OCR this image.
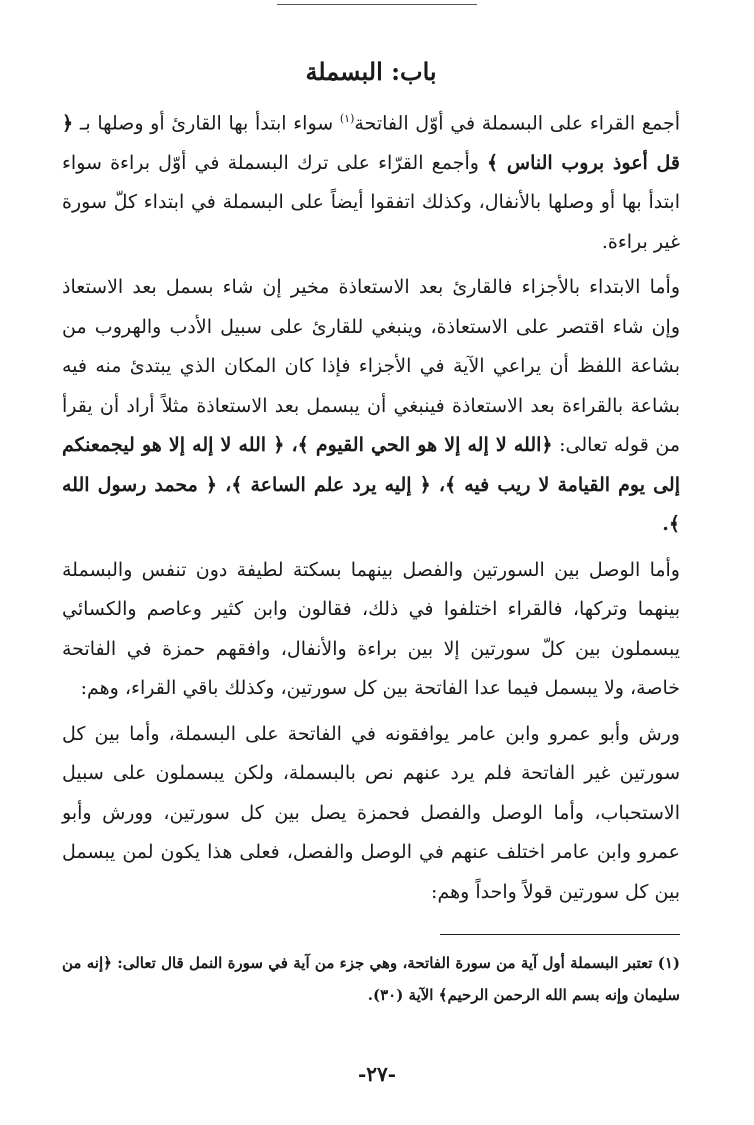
باب: البسملة

أجمع القراء على البسملة في أوّل الفاتحة$^{(١)}$ سواء ابتدأ بها القارئ أو وصلها بـ ﴿ قل أعوذ بروب الناس ﴾ وأجمع القرّاء على ترك البسملة في أوّل براءة سواء ابتدأ بها أو وصلها بالأنفال، وكذلك اتفقوا أيضاً على البسملة في ابتداء كلّ سورة غير براءة.

وأما الابتداء بالأجزاء فالقارئ بعد الاستعاذة مخير إن شاء بسمل بعد الاستعاذ وإن شاء اقتصر على الاستعاذة، وينبغي للقارئ على سبيل الأدب والهروب من بشاعة اللفظ أن يراعي الآية في الأجزاء فإذا كان المكان الذي يبتدئ منه فيه بشاعة بالقراءة بعد الاستعاذة فينبغي أن يبسمل بعد الاستعاذة مثلاً أراد أن يقرأ من قوله تعالى: ﴿الله لا إله إلا هو الحي القيوم ﴾، ﴿ الله لا إله إلا هو ليجمعنكم إلى يوم القيامة لا ريب فيه ﴾، ﴿ إليه يرد علم الساعة ﴾، ﴿ محمد رسول الله ﴾.

وأما الوصل بين السورتين والفصل بينهما بسكتة لطيفة دون تنفس والبسملة بينهما وتركها، فالقراء اختلفوا في ذلك، فقالون وابن كثير وعاصم والكسائي يبسملون بين كلّ سورتين إلا بين براءة والأنفال، وافقهم حمزة في الفاتحة خاصة، ولا يبسمل فيما عدا الفاتحة بين كل سورتين، وكذلك باقي القراء، وهم:

ورش وأبو عمرو وابن عامر يوافقونه في الفاتحة على البسملة، وأما بين كل سورتين غير الفاتحة فلم يرد عنهم نص بالبسملة، ولكن يبسملون على سبيل الاستحباب، وأما الوصل والفصل فحمزة يصل بين كل سورتين، وورش وأبو عمرو وابن عامر اختلف عنهم في الوصل والفصل، فعلى هذا يكون لمن يبسمل بين كل سورتين قولاً واحداً وهم:

(١) تعتبر البسملة أول آية من سورة الفاتحة، وهي جزء من آية في سورة النمل قال تعالى: ﴿إنه من سليمان وإنه بسم الله الرحمن الرحيم﴾ الآية (٣٠).

-٢٧-
